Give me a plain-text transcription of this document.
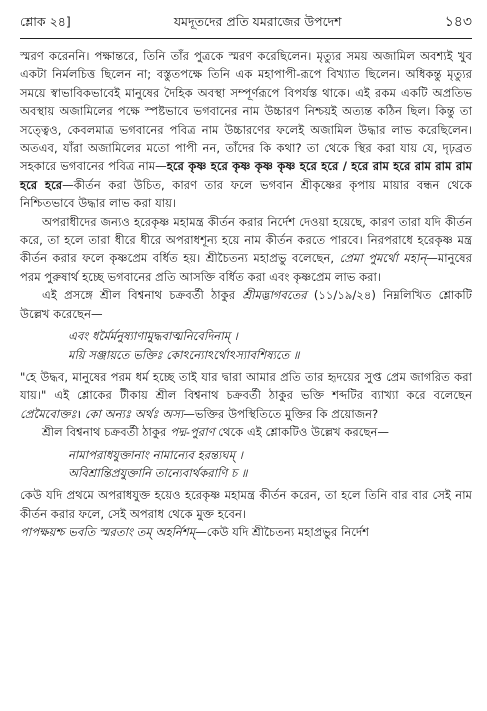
শ্লোক ২৪]	যমদূতদের প্রতি যমরাজের উপদেশ	১৪৩

স্মরণ করেননি। পক্ষান্তরে, তিনি তাঁর পুত্রকে স্মরণ করেছিলেন। মৃত্যুর সময় অজামিল অবশ্যই খুব একটা নির্মলচিত্ত ছিলেন না; বস্তুতপক্ষে তিনি এক মহাপাপী-রূপে বিখ্যাত ছিলেন। অধিকন্তু মৃত্যুর সময়ে স্বাভাবিকভাবেই মানুষের দৈহিক অবস্থা সম্পূর্ণরূপে বিপর্যস্ত থাকে। এই রকম একটি অপ্রতিভ অবস্থায় অজামিলের পক্ষে স্পষ্টভাবে ভগবানের নাম উচ্চারণ নিশ্চয়ই অত্যন্ত কঠিন ছিল। কিন্তু তা সত্ত্বেও, কেবলমাত্র ভগবানের পবিত্র নাম উচ্চারণের ফলেই অজামিল উদ্ধার লাভ করেছিলেন। অতএব, যাঁরা অজামিলের মতো পাপী নন, তাঁদের কি কথা? তা থেকে স্থির করা যায় যে, দৃঢ়ব্রত সহকারে ভগবানের পবিত্র নাম—হরে কৃষ্ণ হরে কৃষ্ণ কৃষ্ণ কৃষ্ণ হরে হরে / হরে রাম হরে রাম রাম রাম হরে হরে—কীর্তন করা উচিত, কারণ তার ফলে ভগবান শ্রীকৃষ্ণের কৃপায় মায়ার বন্ধন থেকে নিশ্চিতভাবে উদ্ধার লাভ করা যায়।

অপরাধীদের জন্যও হরেকৃষ্ণ মহামন্ত্র কীর্তন করার নির্দেশ দেওয়া হয়েছে, কারণ তারা যদি কীর্তন করে, তা হলে তারা ধীরে ধীরে অপরাধশূন্য হয়ে নাম কীর্তন করতে পারবে। নিরপরাধে হরেকৃষ্ণ মন্ত্র কীর্তন করার ফলে কৃষ্ণপ্রেম বর্ধিত হয়। শ্রীচৈতন্য মহাপ্রভু বলেছেন, প্রেমা পুমর্থো মহান্—মানুষের পরম পুরুষার্থ হচ্ছে ভগবানের প্রতি আসক্তি বর্ধিত করা এবং কৃষ্ণপ্রেম লাভ করা।

এই প্রসঙ্গে শ্রীল বিশ্বনাথ চক্রবর্তী ঠাকুর শ্রীমদ্ভাগবতের (১১/১৯/২৪) নিম্নলিখিত শ্লোকটি উল্লেখ করেছেন—

এবং ধর্মৈর্মনুষ্যাণামুদ্ধবাত্মনিবেদিনাম্ ।
ময়ি সঞ্জায়তে ভক্তিঃ কোঽন্যোঽর্থোঽস্যাবশিষ্যতে ॥

"হে উদ্ধব, মানুষের পরম ধর্ম হচ্ছে তাই যার দ্বারা আমার প্রতি তার হৃদয়ের সুপ্ত প্রেম জাগরিত করা যায়।" এই শ্লোকের টীকায় শ্রীল বিশ্বনাথ চক্রবর্তী ঠাকুর ভক্তি শব্দটির ব্যাখ্যা করে বলেছেন প্রেমৈবোক্তঃ। কো অন্যঃ অর্থঃ অস্য—ভক্তির উপস্থিতিতে মুক্তির কি প্রয়োজন?

শ্রীল বিশ্বনাথ চক্রবর্তী ঠাকুর পদ্ম-পুরাণ থেকে এই শ্লোকটিও উল্লেখ করছেন—

নামাপরাধযুক্তানাং নামান্যেব হরন্ত্যঘম্ ।
অবিশ্রান্তিপ্রযুক্তানি তান্যেবার্থকরাণি চ ॥

কেউ যদি প্রথমে অপরাধযুক্ত হয়েও হরেকৃষ্ণ মহামন্ত্র কীর্তন করেন, তা হলে তিনি বার বার সেই নাম কীর্তন করার ফলে, সেই অপরাধ থেকে মুক্ত হবেন।

পাপক্ষয়শ্চ ভবতি স্মরতাং তম্ অহর্নিশম্—কেউ যদি শ্রীচৈতন্য মহাপ্রভুর নির্দেশ
